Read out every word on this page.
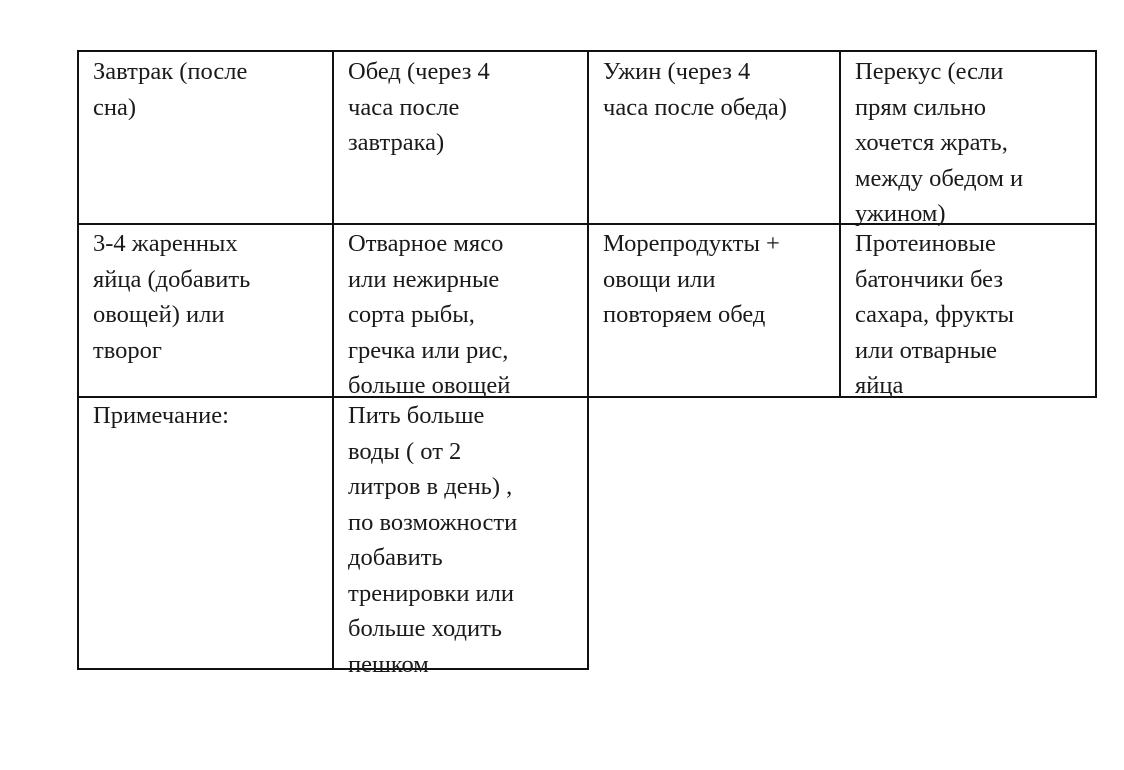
Завтрак (после
сна)

Обед (через 4
часа после
завтрака)

Ужин (через 4
часа после обеда)

Перекус (если
прям сильно
хочется жрать,
между обедом и
ужином)

3-4 жаренных
яйца (добавить
овощей) или
творог

Отварное мясо
или нежирные
сорта рыбы,
гречка или рис,
больше овощей

Морепродукты +
овощи или
повторяем обед

Протеиновые
батончики без
сахара, фрукты
или отварные
яйца

Примечание:	Пить больше
воды ( от 2
литров в день) ,
по возможности
добавить
тренировки или
больше ходить
пешком
